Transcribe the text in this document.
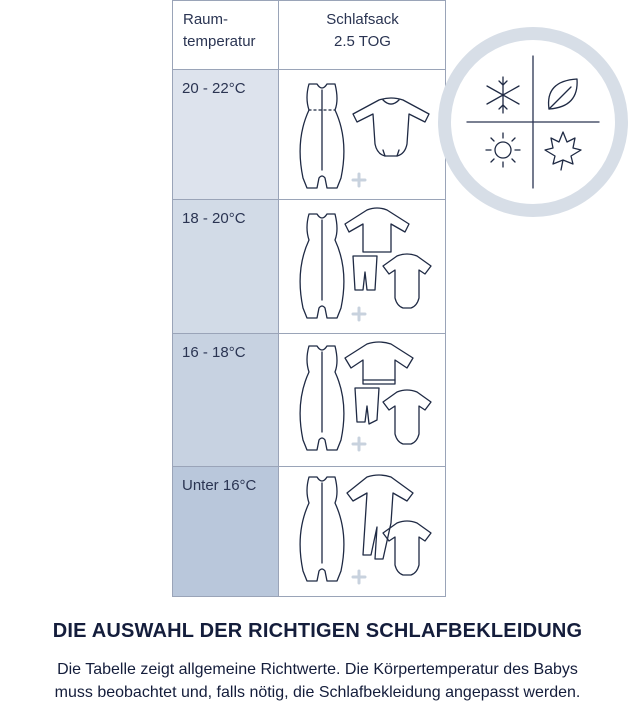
Raum-
temperatur
Schlafsack
2.5 TOG
20 - 22°C
18 - 20°C
16 - 18°C
Unter 16°C
DIE AUSWAHL DER RICHTIGEN SCHLAFBEKLEIDUNG
Die Tabelle zeigt allgemeine Richtwerte. Die Körpertemperatur des Babys
muss beobachtet und, falls nötig, die Schlafbekleidung angepasst werden.
